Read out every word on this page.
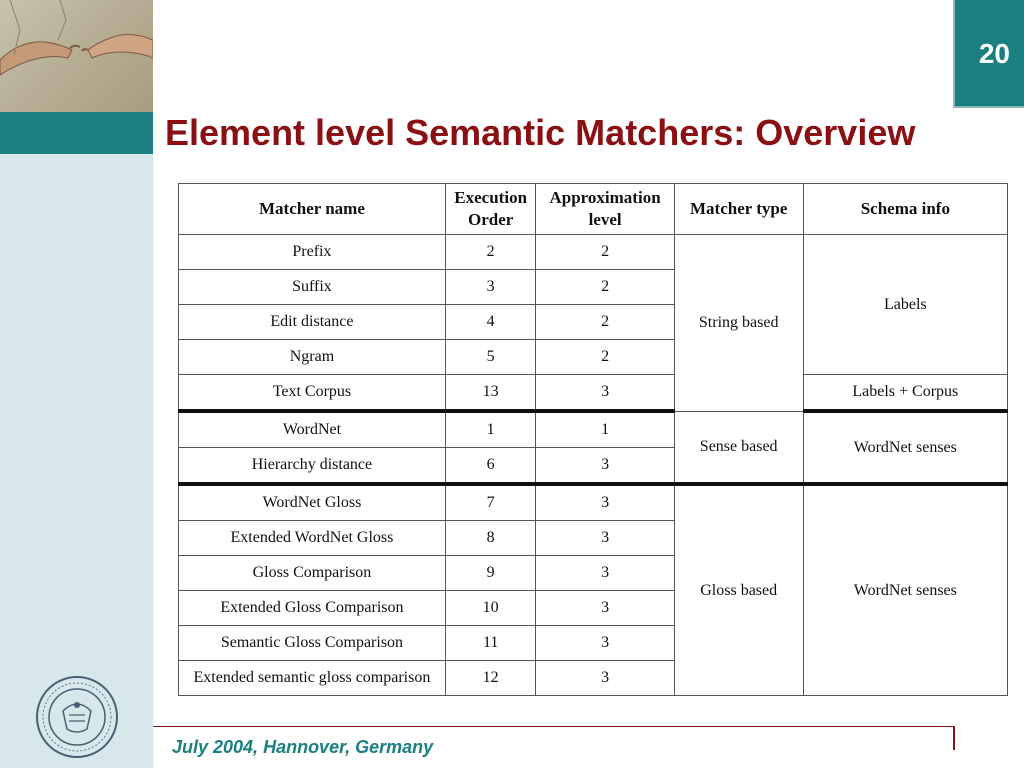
20
Element level Semantic Matchers: Overview
Matcher name	Execution Order	Approximation level	Matcher type	Schema info
Prefix	2	2	String based	Labels
Suffix	3	2		
Edit distance	4	2		
Ngram	5	2		
Text Corpus	13	3		Labels + Corpus
WordNet	1	1	Sense based	WordNet senses
Hierarchy distance	6	3		
WordNet Gloss	7	3	Gloss based	WordNet senses
Extended WordNet Gloss	8	3		
Gloss Comparison	9	3		
Extended Gloss Comparison	10	3		
Semantic Gloss Comparison	11	3		
Extended semantic gloss comparison	12	3		
July 2004, Hannover, Germany
